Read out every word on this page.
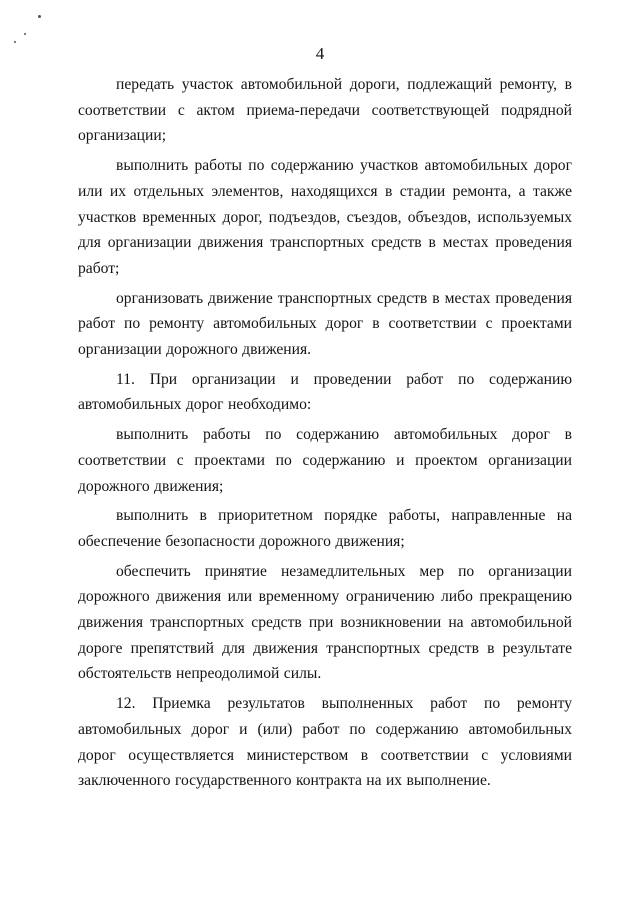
4

передать участок автомобильной дороги, подлежащий ремонту, в соответствии с актом приема-передачи соответствующей подрядной организации;

выполнить работы по содержанию участков автомобильных дорог или их отдельных элементов, находящихся в стадии ремонта, а также участков временных дорог, подъездов, съездов, объездов, используемых для организации движения транспортных средств в местах проведения работ;

организовать движение транспортных средств в местах проведения работ по ремонту автомобильных дорог в соответствии с проектами организации дорожного движения.

11. При организации и проведении работ по содержанию автомобильных дорог необходимо:

выполнить работы по содержанию автомобильных дорог в соответствии с проектами по содержанию и проектом организации дорожного движения;

выполнить в приоритетном порядке работы, направленные на обеспечение безопасности дорожного движения;

обеспечить принятие незамедлительных мер по организации дорожного движения или временному ограничению либо прекращению движения транспортных средств при возникновении на автомобильной дороге препятствий для движения транспортных средств в результате обстоятельств непреодолимой силы.

12. Приемка результатов выполненных работ по ремонту автомобильных дорог и (или) работ по содержанию автомобильных дорог осуществляется министерством в соответствии с условиями заключенного государственного контракта на их выполнение.
